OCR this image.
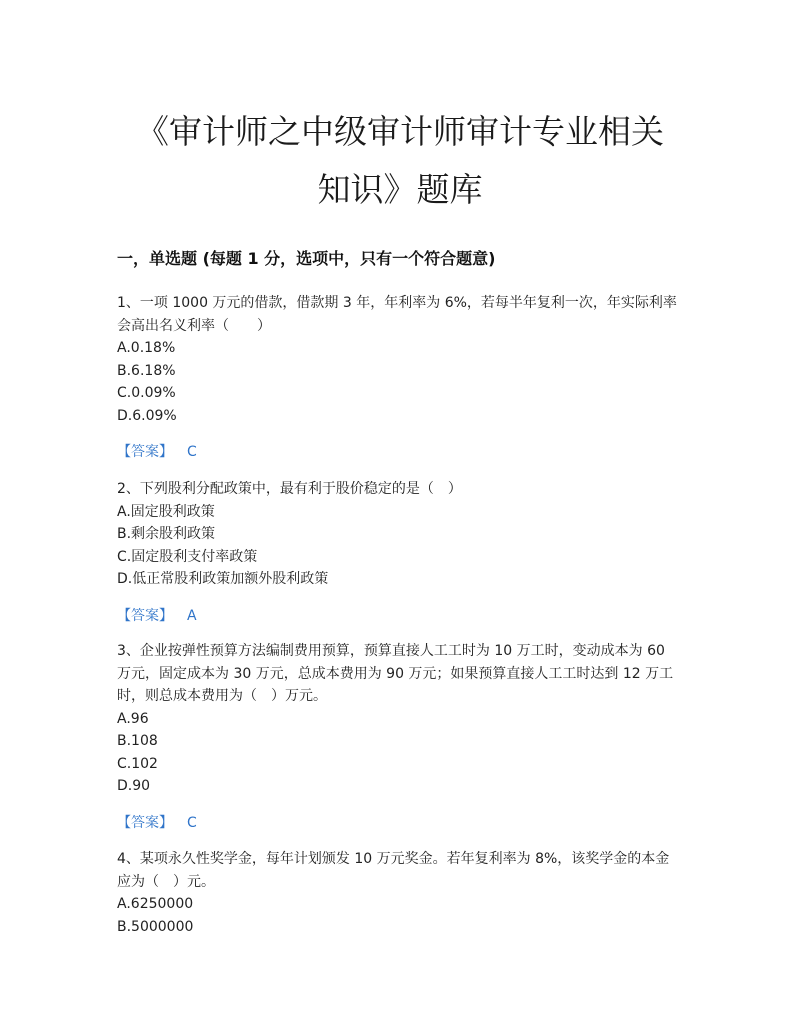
《审计师之中级审计师审计专业相关
知识》题库
一，单选题 (每题 1 分，选项中，只有一个符合题意)

1、一项 1000 万元的借款，借款期 3 年，年利率为 6%，若每半年复利一次，年实际利率会高出名义利率（　　）

A.0.18%

B.6.18%

C.0.09%

D.6.09%

【答案】 C

2、下列股利分配政策中，最有利于股价稳定的是（　）

A.固定股利政策

B.剩余股利政策

C.固定股利支付率政策

D.低正常股利政策加额外股利政策

【答案】 A

3、企业按弹性预算方法编制费用预算，预算直接人工工时为 10 万工时，变动成本为 60 万元，固定成本为 30 万元，总成本费用为 90 万元；如果预算直接人工工时达到 12 万工时，则总成本费用为（　）万元。

A.96

B.108

C.102

D.90

【答案】 C

4、某项永久性奖学金，每年计划颁发 10 万元奖金。若年复利率为 8%，该奖学金的本金应为（　）元。

A.6250000

B.5000000
